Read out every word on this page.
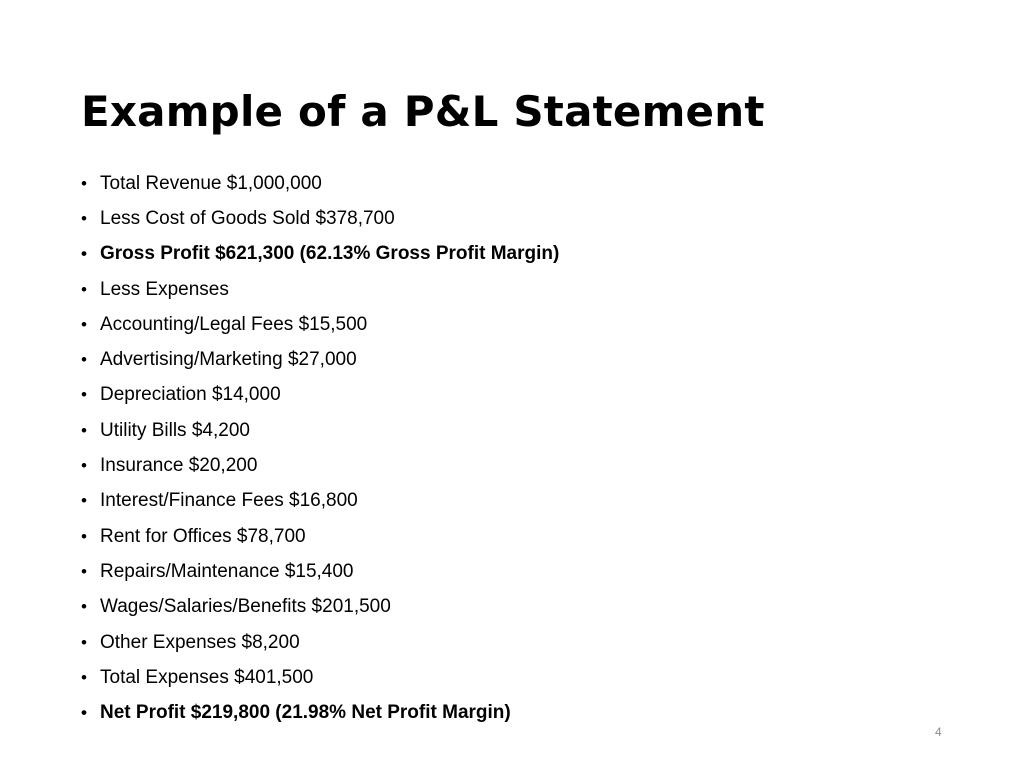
Example of a P&L Statement
• Total Revenue $1,000,000
• Less Cost of Goods Sold $378,700
• Gross Profit $621,300 (62.13% Gross Profit Margin)
• Less Expenses
• Accounting/Legal Fees $15,500
• Advertising/Marketing $27,000
• Depreciation $14,000
• Utility Bills $4,200
• Insurance $20,200
• Interest/Finance Fees $16,800
• Rent for Offices $78,700
• Repairs/Maintenance $15,400
• Wages/Salaries/Benefits $201,500
• Other Expenses $8,200
• Total Expenses $401,500
• Net Profit $219,800 (21.98% Net Profit Margin)
4
